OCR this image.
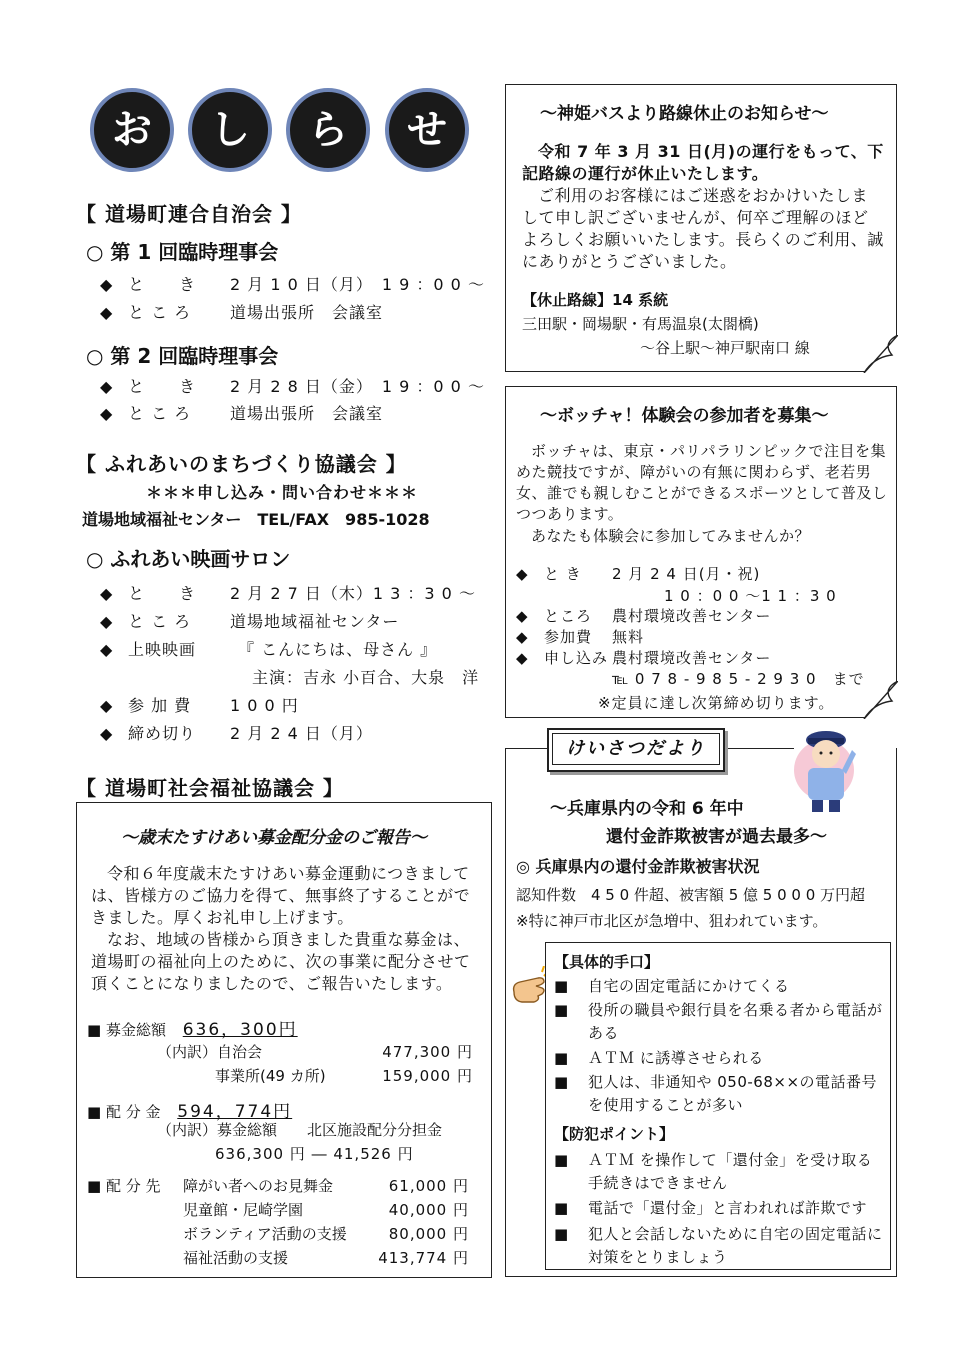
お	し	ら	せ
【 道場町連合自治会 】
○ 第 1 回臨時理事会
◆ と　　き 2 月 1 0 日（月）　1 9 ：0 0 〜
◆ と こ ろ 道場出張所　会議室
○ 第 2 回臨時理事会
◆ と　　き 2 月 2 8 日（金）　1 9 ：0 0 〜
◆ と こ ろ 道場出張所　会議室
【 ふれあいのまちづくり協議会 】
＊＊＊申し込み・問い合わせ＊＊＊
道場地域福祉センター　TEL/FAX　985-1028
○ ふれあい映画サロン
◆ と　　き 2 月 2 7 日（木）1 3 ：3 0 〜
◆ と こ ろ 道場地域福祉センター
◆ 上映映画	『 こんにちは、母さん 』
主演：吉永 小百合、大泉　洋
◆ 参 加 費 1 0 0 円
◆ 締め切り 2 月 2 4 日（月）
【 道場町社会福祉協議会 】
〜歳末たすけあい募金配分金のご報告〜
令和６年度歳末たすけあい募金運動につきましては、皆様方のご協力を得て、無事終了することができました。厚くお礼申し上げます。
なお、地域の皆様から頂きました貴重な募金は、道場町の福祉向上のために、次の事業に配分させて頂くことになりましたので、ご報告いたします。
■ 募金総額 636，300円
（内訳）自治会	477,300 円
事業所(49 カ所)	159,000 円
■ 配 分 金 594，774円
（内訳）募金総額　　北区施設配分分担金
636,300 円 ― 41,526 円
■ 配 分 先 障がい者へのお見舞金	61,000 円
児童館・尼崎学園	40,000 円
ボランティア活動の支援	80,000 円
福祉活動の支援	413,774 円
〜神姫バスより路線休止のお知らせ〜
令和 7 年 3 月 31 日(月)の運行をもって、下記路線の運行が休止いたします。
ご利用のお客様にはご迷惑をおかけいたしまして申し訳ございませんが、何卒ご理解のほどよろしくお願いいたします。長らくのご利用、誠にありがとうございました。
【休止路線】14 系統
三田駅・岡場駅・有馬温泉(太閤橋)
〜谷上駅〜神戸駅南口 線
〜ボッチャ！体験会の参加者を募集〜
ボッチャは、東京・パリパラリンピックで注目を集めた競技ですが、障がいの有無に関わらず、老若男女、誰でも親しむことができるスポーツとして普及しつつあります。
あなたも体験会に参加してみませんか？
◆ と き 2 月 2 4 日(月・祝)
1 0 ：0 0 〜1 1 ：3 0
◆ ところ 農村環境改善センター
◆ 参加費 無料
◆ 申し込み 農村環境改善センター
℡ 0 7 8 - 9 8 5 - 2 9 3 0　まで
※定員に達し次第締め切ります。
けいさつだより
〜兵庫県内の令和 6 年中
還付金詐欺被害が過去最多〜
◎ 兵庫県内の還付金詐欺被害状況
認知件数　4 5 0 件超、被害額 5 億 5 0 0 0 万円超
※特に神戸市北区が急増中、狙われています。
【具体的手口】
■	自宅の固定電話にかけてくる
■	役所の職員や銀行員を名乗る者から電話がある
■	ＡＴＭ に誘導させられる
■	犯人は、非通知や 050-68××の電話番号を使用することが多い
【防犯ポイント】
■	ＡＴＭ を操作して「還付金」を受け取る手続きはできません
■	電話で「還付金」と言われれば詐欺です
■	犯人と会話しないために自宅の固定電話に対策をとりましょう
